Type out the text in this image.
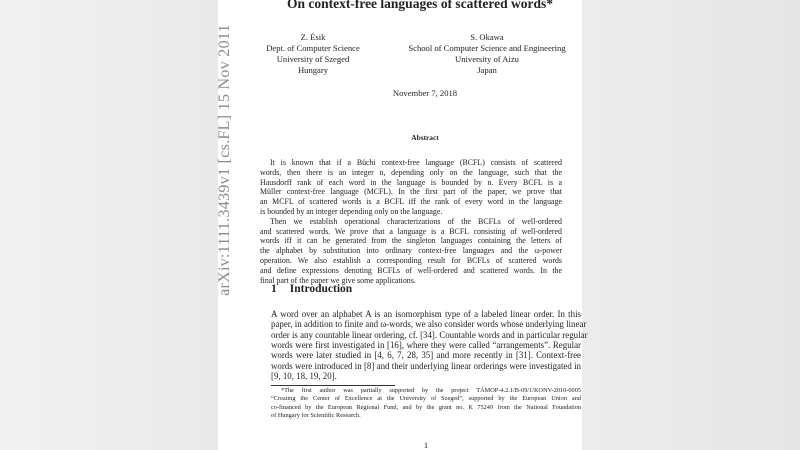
arXiv:1111.3439v1 [cs.FL] 15 Nov 2011
On context-free languages of scattered words*
Z. Ésik
Dept. of Computer Science
University of Szeged
Hungary
S. Okawa
School of Computer Science and Engineering
University of Aizu
Japan
November 7, 2018
Abstract
It is known that if a Büchi context-free language (BCFL) consists of scattered
words, then there is an integer n, depending only on the language, such that the
Hausdorff rank of each word in the language is bounded by n. Every BCFL is a
Müller context-free language (MCFL). In the first part of the paper, we prove that
an MCFL of scattered words is a BCFL iff the rank of every word in the language
is bounded by an integer depending only on the language.
Then we establish operational characterizations of the BCFLs of well-ordered
and scattered words. We prove that a language is a BCFL consisting of well-ordered
words iff it can be generated from the singleton languages containing the letters of
the alphabet by substitution into ordinary context-free languages and the ω-power
operation. We also establish a corresponding result for BCFLs of scattered words
and define expressions denoting BCFLs of well-ordered and scattered words. In the
final part of the paper we give some applications.
1 Introduction
A word over an alphabet A is an isomorphism type of a labeled linear order. In this
paper, in addition to finite and ω-words, we also consider words whose underlying linear
order is any countable linear ordering, cf. [34]. Countable words and in particular regular
words were first investigated in [16], where they were called “arrangements”. Regular
words were later studied in [4, 6, 7, 28, 35] and more recently in [31]. Context-free
words were introduced in [8] and their underlying linear orderings were investigated in
[9, 10, 18, 19, 20].
*The first author was partially supported by the project TÁMOP-4.2.1/B-09/1/KONV-2010-0005
“Creating the Center of Excellence at the University of Szeged”, supported by the European Union and
co-financed by the European Regional Fund, and by the grant no. K 75249 from the National Foundation
of Hungary for Scientific Research.
1
